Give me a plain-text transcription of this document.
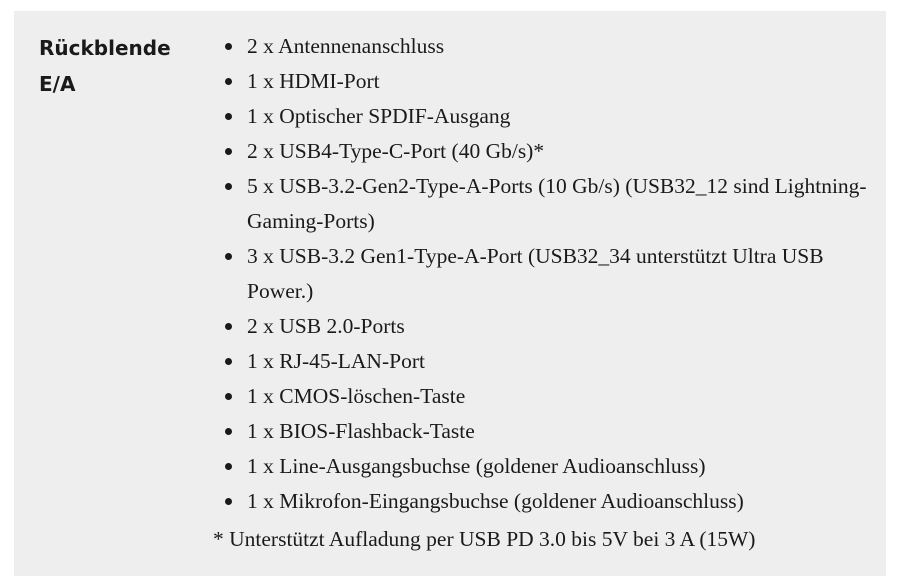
Rückblende
E/A
2 x Antennenanschluss
1 x HDMI-Port
1 x Optischer SPDIF-Ausgang
2 x USB4-Type-C-Port (40 Gb/s)*
5 x USB-3.2-Gen2-Type-A-Ports (10 Gb/s) (USB32_12 sind Lightning-Gaming-Ports)
3 x USB-3.2 Gen1-Type-A-Port (USB32_34 unterstützt Ultra USB Power.)
2 x USB 2.0-Ports
1 x RJ-45-LAN-Port
1 x CMOS-löschen-Taste
1 x BIOS-Flashback-Taste
1 x Line-Ausgangsbuchse (goldener Audioanschluss)
1 x Mikrofon-Eingangsbuchse (goldener Audioanschluss)
* Unterstützt Aufladung per USB PD 3.0 bis 5V bei 3 A (15W)
